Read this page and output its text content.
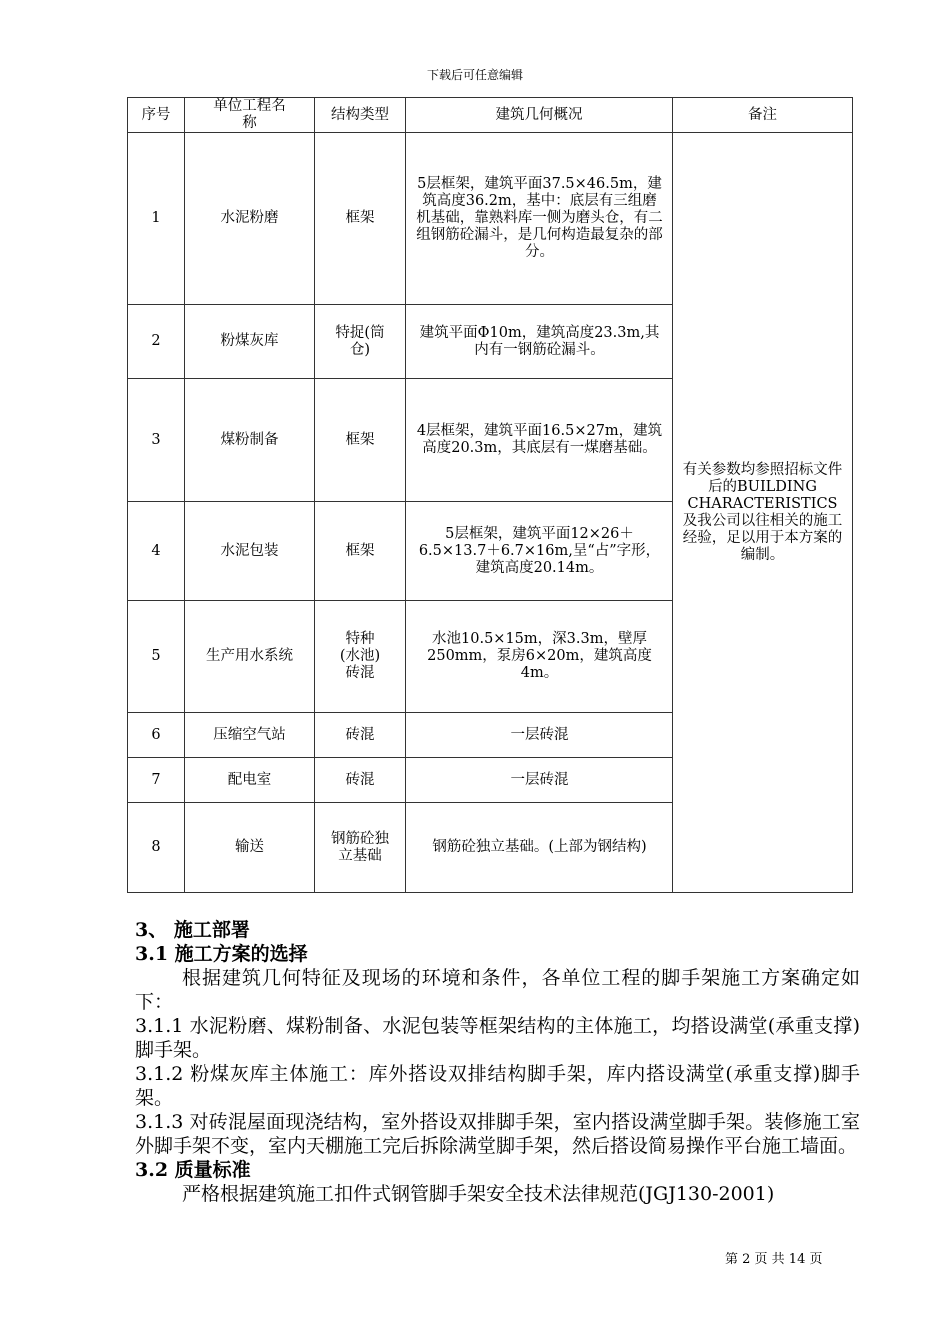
下载后可任意编辑
序号	单位工程名称	结构类型	建筑几何概况	备注
1	水泥粉磨	框架	5层框架，建筑平面37.5×46.5m，建筑高度36.2m，基中：底层有三组磨机基础，靠熟料库一侧为磨头仓，有二组钢筋砼漏斗，是几何构造最复杂的部分。	有关参数均参照招标文件后的BUILDING CHARACTERISTICS及我公司以往相关的施工经验，足以用于本方案的编制。
2	粉煤灰库	特捉(筒仓)	建筑平面Φ10m，建筑高度23.3m,其内有一钢筋砼漏斗。	
3	煤粉制备	框架	4层框架，建筑平面16.5×27m，建筑高度20.3m，其底层有一煤磨基础。	
4	水泥包装	框架	5层框架，建筑平面12×26＋6.5×13.7＋6.7×16m,呈“占”字形，建筑高度20.14m。	
5	生产用水系统	特种(水池)砖混	水池10.5×15m，深3.3m，壁厚250mm，泵房6×20m，建筑高度4m。	
6	压缩空气站	砖混	一层砖混	
7	配电室	砖混	一层砖混	
8	输送	钢筋砼独立基础	钢筋砼独立基础。(上部为钢结构)	

3、 施工部署

3.1 施工方案的选择

根据建筑几何特征及现场的环境和条件，各单位工程的脚手架施工方案确定如下：

3.1.1 水泥粉磨、煤粉制备、水泥包装等框架结构的主体施工，均搭设满堂(承重支撑)脚手架。

3.1.2 粉煤灰库主体施工：库外搭设双排结构脚手架，库内搭设满堂(承重支撑)脚手架。

3.1.3 对砖混屋面现浇结构，室外搭设双排脚手架，室内搭设满堂脚手架。装修施工室外脚手架不变，室内天棚施工完后拆除满堂脚手架，然后搭设简易操作平台施工墙面。

3.2 质量标准

严格根据建筑施工扣件式钢管脚手架安全技术法律规范(JGJ130-2001)

第 2 页 共 14 页
